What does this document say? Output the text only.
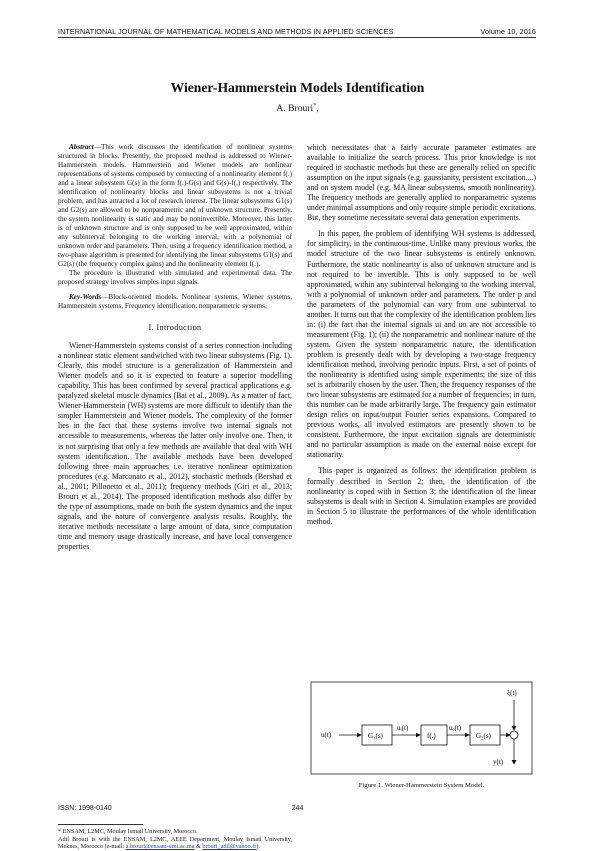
INTERNATIONAL JOURNAL OF MATHEMATICAL MODELS AND METHODS IN APPLIED SCIENCES	Volume 10, 2016
Wiener-Hammerstein Models Identification
A. Brouri*,

Abstract—This work discusses the identification of nonlinear systems structured in blocks. Presently, the proposed method is addressed to Wiener-Hammerstein models. Hammerstein and Wiener models are nonlinear representations of systems composed by connecting of a nonlinearity element f(.) and a linear subsystem G(s) in the form f(.)-G(s) and G(s)-f(.) respectively. The identification of nonlinearity blocks and linear subsystems is not a trivial problem, and has attracted a lot of research interest. The linear subsystems G1(s) and G2(s) are allowed to be nonparametric and of unknown structure. Presently, the system nonlinearity is static and may be noninvertible. Moreover, this latter is of unknown structure and is only supposed to be well approximated, within any subinterval belonging to the working interval, with a polynomial of unknown order and parameters. Then, using a frequency identification method, a two-phase algorithm is presented for identifying the linear subsystems G1(s) and G2(s) (the frequency complex gains) and the nonlinearity element f(.).

The procedure is illustrated with simulated and experimental data. The proposed strategy involves simples input signals.

Key-Words—Block-oriented models, Nonlinear systems, Wiener systems, Hammerstein systems, Frequency identification, nonparametric systems.

I. Introduction

Wiener-Hammerstein systems consist of a series connection including a nonlinear static element sandwiched with two linear subsystems (Fig. 1). Clearly, this model structure is a generalization of Hammerstein and Wiener models and so it is expected to feature a superior modelling capability. This has been confirmed by several practical applications e.g. paralyzed skeletal muscle dynamics (Bai et al., 2009). As a matter of fact, Wiener-Hammerstein (WH) systems are more difficult to identify than the simpler Hammerstein and Wiener models. The complexity of the former lies in the fact that these systems involve two internal signals not accessible to measurements, whereas the latter only involve one. Then, it is not surprising that only a few methods are available that deal with WH system identification. The available methods have been developed following three main approaches i.e. iterative nonlinear optimization procedures (e.g. Marconato et al., 2012), stochastic methods (Bershad et al., 2001; Pillonetto et al., 2011); frequency methods (Giri et al., 2013; Brouri et al., 2014). The proposed identification methods also differ by the type of assumptions, made on both the system dynamics and the input signals, and the nature of convergence analysis results. Roughly, the iterative methods necessitate a large amount of data, since computation time and memory usage drastically increase, and have local convergence properties

* ENSAM, L2MC, Moulay Ismail University, Morocco.
Adil Brouri is with the ENSAM, L2MC, AEEE Department, Moulay Ismail University, Meknes, Morocco (e-mail: a.brouri@ensam-umi.ac.ma & brouri_adil@yahoo.fr).

which necessitates that a fairly accurate parameter estimates are available to initialize the search process. This prior knowledge is not required in stochastic methods but these are generally relied on specific assumption on the input signals (e.g. gaussianity, persistent excitation....) and on system model (e.g. MA linear subsystems, smooth nonlinearity). The frequency methods are generally applied to nonparametric systems under minimal assumptions and only require simple periodic excitations. But, they sometime necessitate several data generation experiments.

In this paper, the problem of identifying WH systems is addressed, for simplicity, in the continuous-time. Unlike many previous works, the model structure of the two linear subsystems is entirely unknown. Furthermore, the static nonlinearity is also of unknown structure and is not required to be invertible. This is only supposed to be well approximated, within any subinterval belonging to the working interval, with a polynomial of unknown order and parameters. The order p and the parameters of the polynomial can vary from one subinterval to another. It turns out that the complexity of the identification problem lies in: (i) the fact that the internal signals ui and uo are not accessible to measurement (Fig. 1); (ii) the nonparametric and nonlinear nature of the system. Given the system nonparametric nature, the identification problem is presently dealt with by developing a two-stage frequency identification method, involving periodic inputs. First, a set of points of the nonlinearity is identified using simple experiments; the size of this set is arbitrarily chosen by the user. Then, the frequency responses of the two linear subsystems are estimated for a number of frequencies; in turn, this number can be made arbitrarily large. The frequency gain estimator design relies on input/output Fourier series expansions. Compared to previous works, all involved estimators are presently shown to be consistent. Furthermore, the input excitation signals are deterministic and no particular assumption is made on the external noise except for stationarity.

This paper is organized as follows: the identification problem is formally described in Section 2; then, the identification of the nonlinearity is coped with in Section 3; the identification of the linear subsystems is dealt with in Section 4. Simulation examples are provided in Section 5 to illustrate the performances of the whole identification method.

u(t)	G₁(s)
uᵢ(t)
f(.)
uₒ(t)
G₂(s)
ξ(t)
y(t)
Figure 1. Wiener-Hammerstein System Model.
ISSN: 1998-0140	244
